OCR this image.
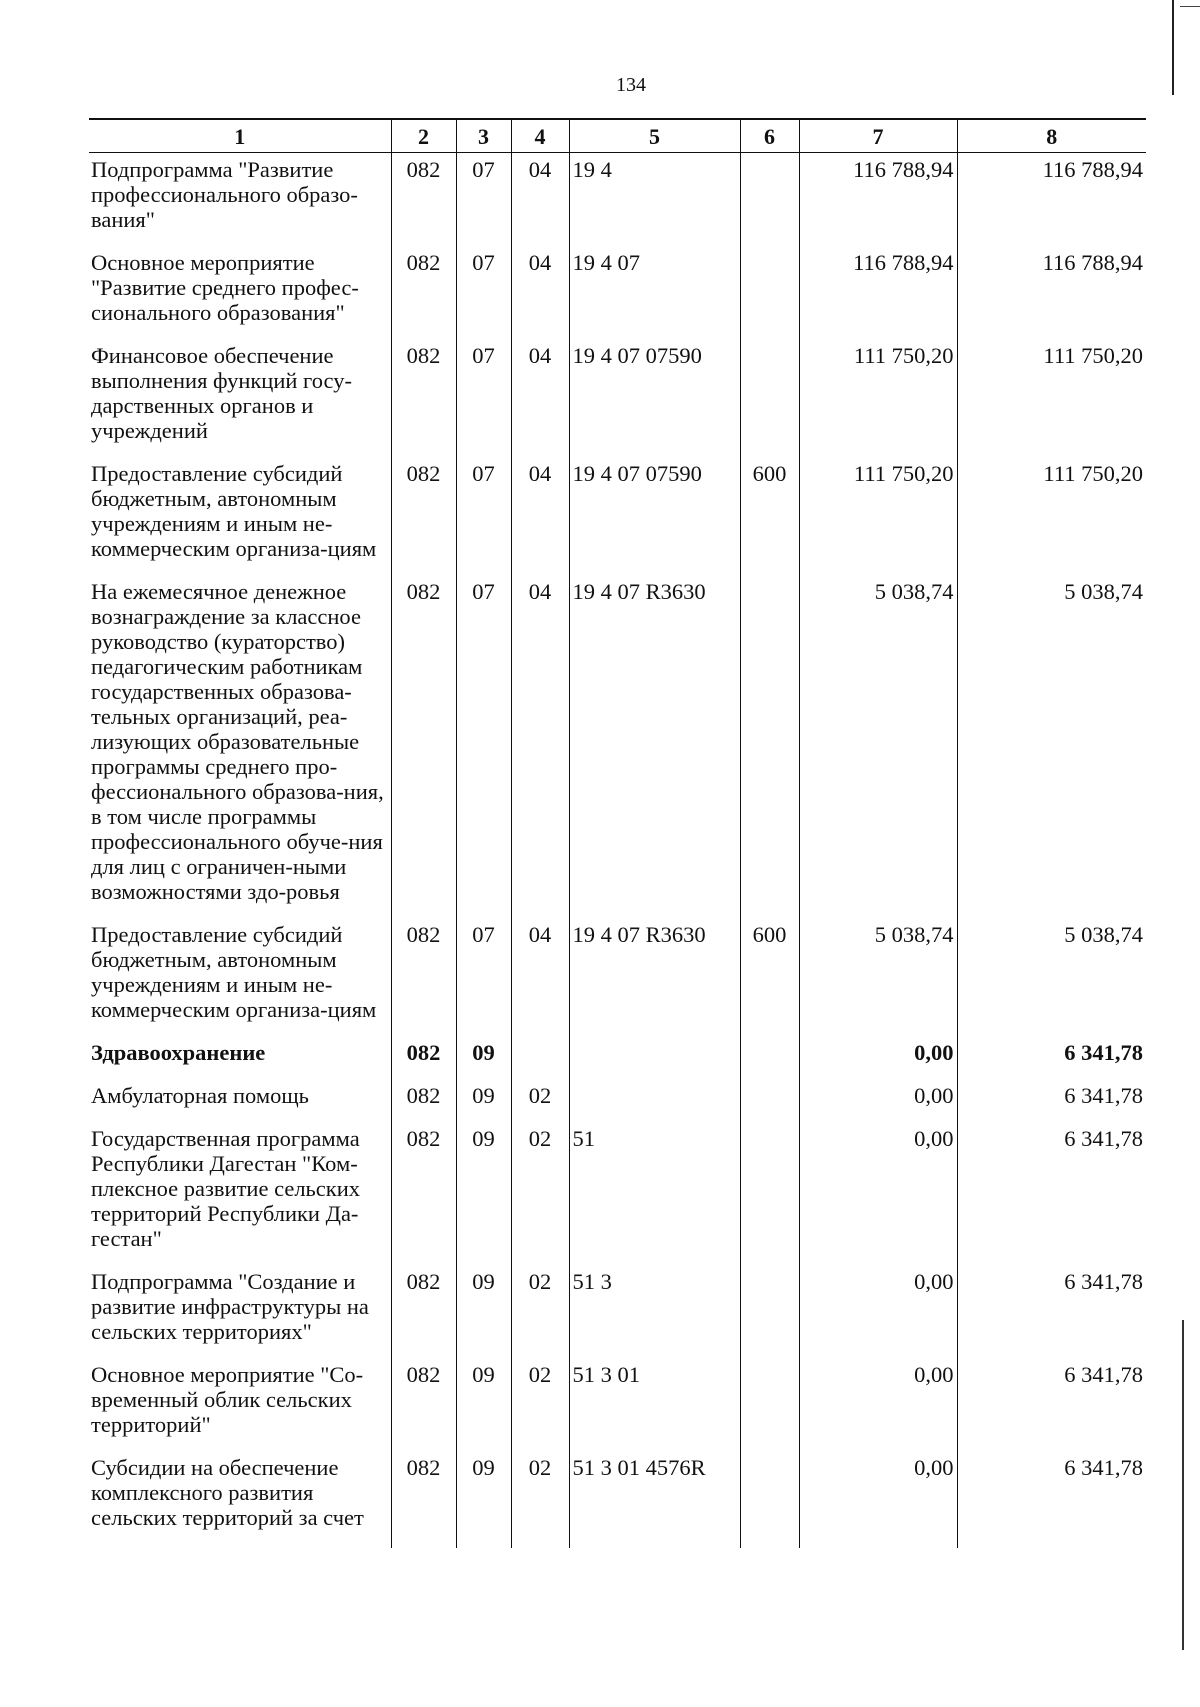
134
1	2	3	4	5	6	7	8
Подпрограмма "Развитие профессионального образо-вания"	082	07	04	19 4		116 788,94	116 788,94
Основное мероприятие "Развитие среднего профес-сионального образования"	082	07	04	19 4 07		116 788,94	116 788,94
Финансовое обеспечение выполнения функций госу-дарственных органов и учреждений	082	07	04	19 4 07 07590		111 750,20	111 750,20
Предоставление субсидий бюджетным, автономным учреждениям и иным не-коммерческим организа-циям	082	07	04	19 4 07 07590	600	111 750,20	111 750,20
На ежемесячное денежное вознаграждение за классное руководство (кураторство) педагогическим работникам государственных образова-тельных организаций, реа-лизующих образовательные программы среднего про-фессионального образова-ния, в том числе программы профессионального обуче-ния для лиц с ограничен-ными возможностями здо-ровья	082	07	04	19 4 07 R3630		5 038,74	5 038,74
Предоставление субсидий бюджетным, автономным учреждениям и иным не-коммерческим организа-циям	082	07	04	19 4 07 R3630	600	5 038,74	5 038,74
Здравоохранение	082	09				0,00	6 341,78
Амбулаторная помощь	082	09	02			0,00	6 341,78
Государственная программа Республики Дагестан "Ком-плексное развитие сельских территорий Республики Да-гестан"	082	09	02	51		0,00	6 341,78
Подпрограмма "Создание и развитие инфраструктуры на сельских территориях"	082	09	02	51 3		0,00	6 341,78
Основное мероприятие "Со-временный облик сельских территорий"	082	09	02	51 3 01		0,00	6 341,78
Субсидии на обеспечение комплексного развития сельских территорий за счет	082	09	02	51 3 01 4576R		0,00	6 341,78
